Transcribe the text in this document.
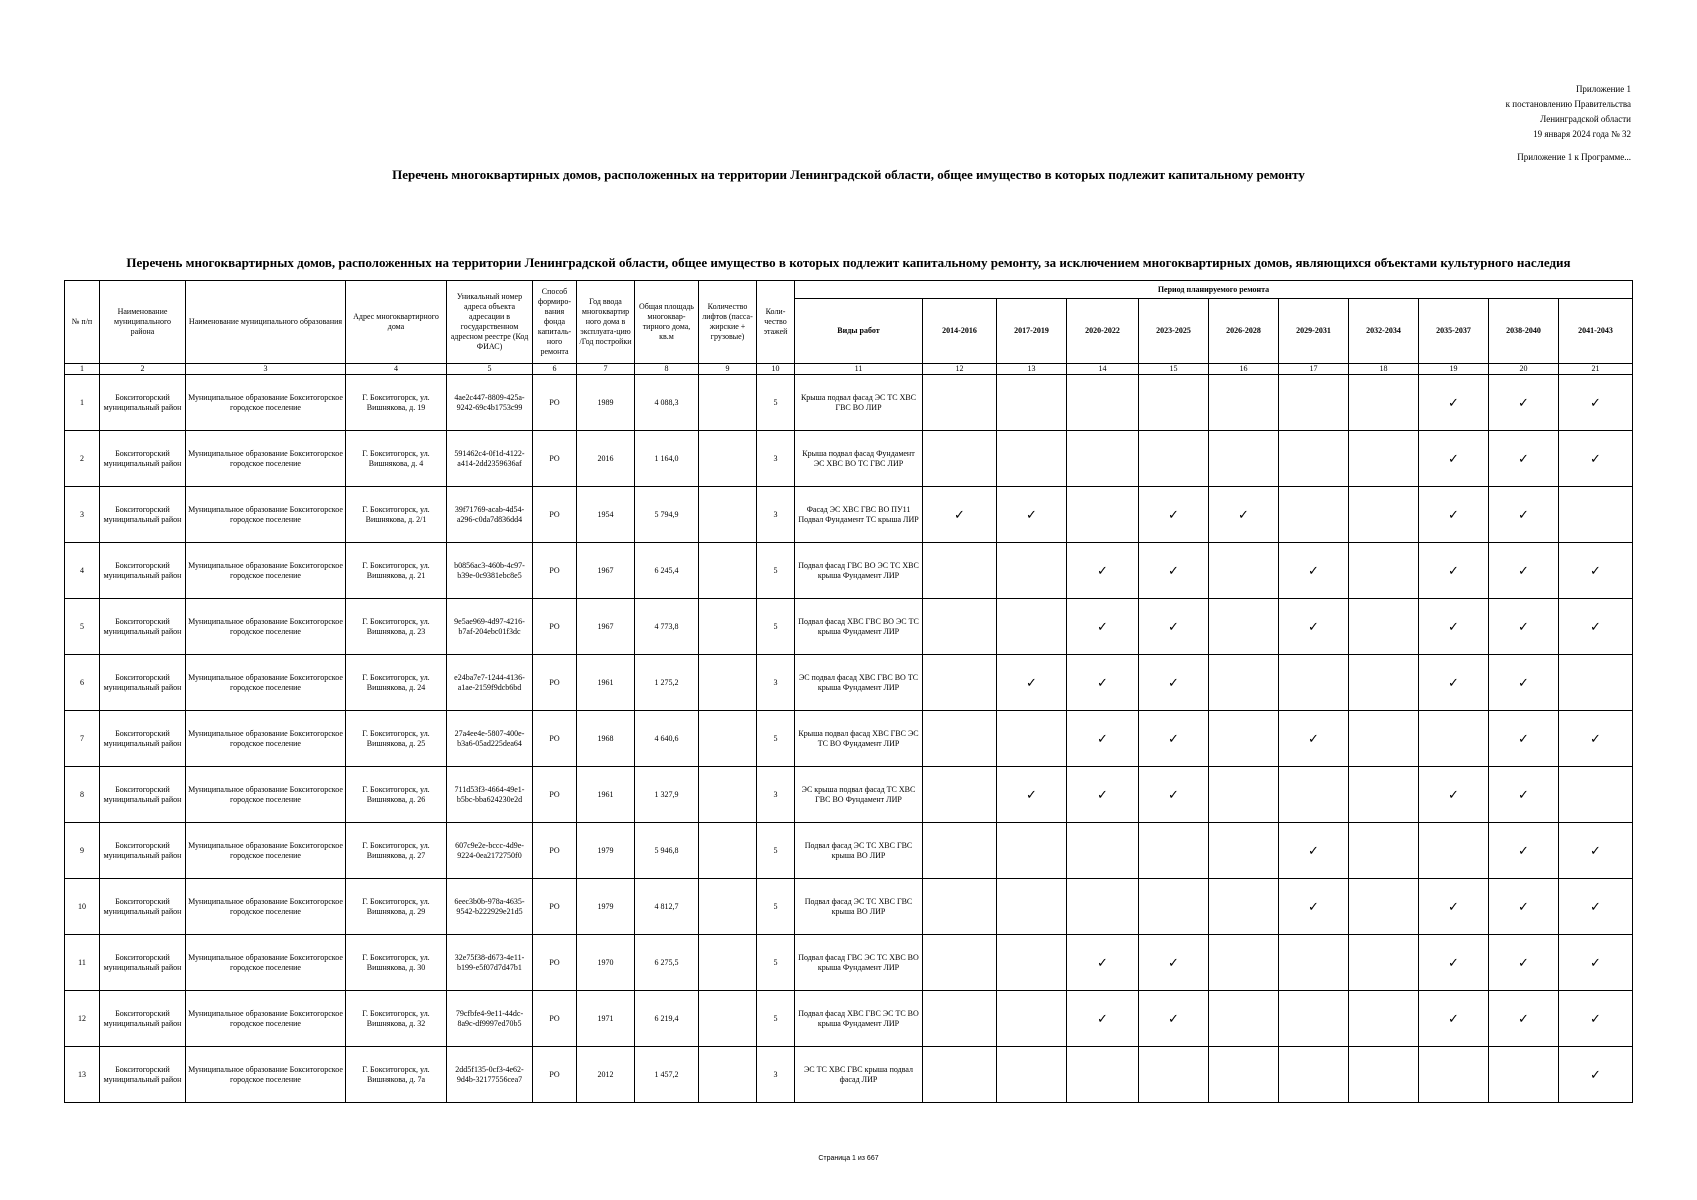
Приложение 1
к постановлению Правительства
Ленинградской области
19 января 2024 года № 32
Приложение 1 к Программе...
Перечень многоквартирных домов, расположенных на территории Ленинградской области, общее имущество в которых подлежит капитальному ремонту
Перечень многоквартирных домов, расположенных на территории Ленинградской области, общее имущество в которых подлежит капитальному ремонту, за исключением многоквартирных домов, являющихся объектами культурного наследия
№ п/п	Наименование муниципального района	Наименование муниципального образования	Адрес многоквартирного дома	Уникальный номер адреса объекта адресации в государственном адресном реестре (Код ФИАС)	Способ формиро-вания фонда капиталь-ного ремонта	Год ввода многоквартир ного дома в эксплуата-цию /Год постройки	Общая площадь многоквар-тирного дома, кв.м	Количество лифтов (пасса-жирские + грузовые)	Коли-чество этажей	Период планируемого ремонта										
										Виды работ	2014-2016	2017-2019	2020-2022	2023-2025	2026-2028	2029-2031	2032-2034	2035-2037	2038-2040	2041-2043
1	2	3	4	5	6	7	8	9	10	11	12	13	14	15	16	17	18	19	20	21
1	Бокситогорский муниципальный район	Муниципальное образование Бокситогорское городское поселение	Г. Бокситогорск, ул. Вишнякова, д. 19	4ae2c447-8809-425a-9242-69c4b1753c99	РО	1989	4 088,3		5	Крыша подвал фасад ЭС ТС ХВС ГВС ВО ЛИР								✓	✓	✓
2	Бокситогорский муниципальный район	Муниципальное образование Бокситогорское городское поселение	Г. Бокситогорск, ул. Вишнякова, д. 4	591462c4-0f1d-4122-a414-2dd2359636af	РО	2016	1 164,0		3	Крыша подвал фасад Фундамент ЭС ХВС ВО ТС ГВС ЛИР								✓	✓	✓
3	Бокситогорский муниципальный район	Муниципальное образование Бокситогорское городское поселение	Г. Бокситогорск, ул. Вишнякова, д. 2/1	39f71769-acab-4d54-a296-c0da7d836dd4	РО	1954	5 794,9		3	Фасад ЭС ХВС ГВС ВО ПУ11 Подвал Фундамент ТС крыша ЛИР	✓	✓		✓	✓			✓	✓	
4	Бокситогорский муниципальный район	Муниципальное образование Бокситогорское городское поселение	Г. Бокситогорск, ул. Вишнякова, д. 21	b0856ac3-460b-4c97-b39e-0c9381ebc8e5	РО	1967	6 245,4		5	Подвал фасад ГВС ВО ЭС ТС ХВС крыша Фундамент ЛИР			✓	✓		✓		✓	✓	✓
5	Бокситогорский муниципальный район	Муниципальное образование Бокситогорское городское поселение	Г. Бокситогорск, ул. Вишнякова, д. 23	9e5ae969-4d97-4216-b7af-204ebc01f3dc	РО	1967	4 773,8		5	Подвал фасад ХВС ГВС ВО ЭС ТС крыша Фундамент ЛИР			✓	✓		✓		✓	✓	✓
6	Бокситогорский муниципальный район	Муниципальное образование Бокситогорское городское поселение	Г. Бокситогорск, ул. Вишнякова, д. 24	e24ba7e7-1244-4136-a1ae-2159f9dcb6bd	РО	1961	1 275,2		3	ЭС подвал фасад ХВС ГВС ВО ТС крыша Фундамент ЛИР		✓	✓	✓				✓	✓	
7	Бокситогорский муниципальный район	Муниципальное образование Бокситогорское городское поселение	Г. Бокситогорск, ул. Вишнякова, д. 25	27a4ee4e-5807-400e-b3a6-05ad225dea64	РО	1968	4 640,6		5	Крыша подвал фасад ХВС ГВС ЭС ТС ВО Фундамент ЛИР			✓	✓		✓			✓	✓
8	Бокситогорский муниципальный район	Муниципальное образование Бокситогорское городское поселение	Г. Бокситогорск, ул. Вишнякова, д. 26	711d53f3-4664-49e1-b5bc-bba624230e2d	РО	1961	1 327,9		3	ЭС крыша подвал фасад ТС ХВС ГВС ВО Фундамент ЛИР		✓	✓	✓				✓	✓	
9	Бокситогорский муниципальный район	Муниципальное образование Бокситогорское городское поселение	Г. Бокситогорск, ул. Вишнякова, д. 27	607c9e2e-bccc-4d9e-9224-0ea2172750f0	РО	1979	5 946,8		5	Подвал фасад ЭС ТС ХВС ГВС крыша ВО ЛИР						✓			✓	✓
10	Бокситогорский муниципальный район	Муниципальное образование Бокситогорское городское поселение	Г. Бокситогорск, ул. Вишнякова, д. 29	6eec3b0b-978a-4635-9542-b222929e21d5	РО	1979	4 812,7		5	Подвал фасад ЭС ТС ХВС ГВС крыша ВО ЛИР						✓		✓	✓	✓
11	Бокситогорский муниципальный район	Муниципальное образование Бокситогорское городское поселение	Г. Бокситогорск, ул. Вишнякова, д. 30	32e75f38-d673-4e11-b199-e5f07d7d47b1	РО	1970	6 275,5		5	Подвал фасад ГВС ЭС ТС ХВС ВО крыша Фундамент ЛИР			✓	✓				✓	✓	✓
12	Бокситогорский муниципальный район	Муниципальное образование Бокситогорское городское поселение	Г. Бокситогорск, ул. Вишнякова, д. 32	79cfbfe4-9e11-44dc-8a9c-df9997ed70b5	РО	1971	6 219,4		5	Подвал фасад ХВС ГВС ЭС ТС ВО крыша Фундамент ЛИР			✓	✓				✓	✓	✓
13	Бокситогорский муниципальный район	Муниципальное образование Бокситогорское городское поселение	Г. Бокситогорск, ул. Вишнякова, д. 7а	2dd5f135-0cf3-4e62-9d4b-32177556cea7	РО	2012	1 457,2		3	ЭС ТС ХВС ГВС крыша подвал фасад ЛИР										✓
Страница 1 из 667
